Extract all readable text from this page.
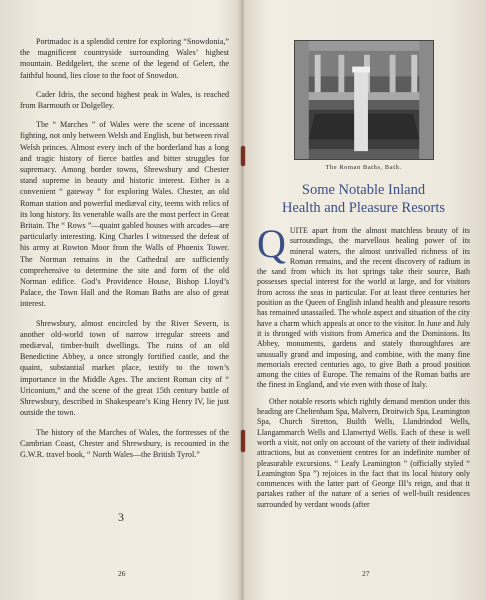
Portmadoc is a splendid centre for exploring “Snowdonia,” the magnificent countryside surrounding Wales’ highest mountain. Beddgelert, the scene of the legend of Gelert, the faithful hound, lies close to the foot of Snowdon.

Cader Idris, the second highest peak in Wales, is reached from Barmouth or Dolgelley.

The “ Marches ” of Wales were the scene of incessant fighting, not only between Welsh and English, but between rival Welsh princes. Almost every inch of the borderland has a long and tragic history of fierce battles and bitter struggles for supremacy. Among border towns, Shrewsbury and Chester stand supreme in beauty and historic interest. Either is a convenient “ gateway ” for exploring Wales. Chester, an old Roman station and powerful mediæval city, teems with relics of its long history. Its venerable walls are the most perfect in Great Britain. The “ Rows ”—quaint gabled houses with arcades—are particularly interesting. King Charles I witnessed the defeat of his army at Rowton Moor from the Walls of Phoenix Tower. The Norman remains in the Cathedral are sufficiently comprehensive to determine the site and form of the old Norman edifice. God’s Providence House, Bishop Lloyd’s Palace, the Town Hall and the Roman Baths are also of great interest.

Shrewsbury, almost encircled by the River Severn, is another old-world town of narrow irregular streets and mediæval, timber-built dwellings. The ruins of an old Benedictine Abbey, a once strongly fortified castle, and the quaint, substantial market place, testify to the town’s importance in the Middle Ages. The ancient Roman city of “ Uriconium,” and the scene of the great 15th century battle of Shrewsbury, described in Shakespeare’s King Henry IV, lie just outside the town.

The history of the Marches of Wales, the fortresses of the Cambrian Coast, Chester and Shrewsbury, is recounted in the G.W.R. travel book, “ North Wales—the British Tyrol.”

3
26
The Roman Baths, Bath.
Some Notable Inland
Health and Pleasure Resorts
Q UITE apart from the almost matchless beauty of its surroundings, the marvellous healing power of its mineral waters, the almost unrivalled richness of its Roman remains, and the recent discovery of radium in the sand from which its hot springs take their source, Bath possesses special interest for the world at large, and for visitors from across the seas in particular. For at least three centuries her position as the Queen of English inland health and pleasure resorts has remained unassailed. The whole aspect and situation of the city have a charm which appeals at once to the visitor. In June and July it is thronged with visitors from America and the Dominions. Its Abbey, monuments, gardens and stately thoroughfares are unusually grand and imposing, and combine, with the many fine memorials erected centuries ago, to give Bath a proud position among the cities of Europe. The remains of the Roman baths are the finest in England, and vie even with those of Italy.

Other notable resorts which rightly demand mention under this heading are Cheltenham Spa, Malvern, Droitwich Spa, Leamington Spa, Church Stretton, Builth Wells, Llandrindod Wells, Llangammarch Wells and Llanwrtyd Wells. Each of these is well worth a visit, not only on account of the variety of their individual attractions, but as convenient centres for an indefinite number of pleasurable excursions. “ Leafy Leamington ” (officially styled “ Leamington Spa ”) rejoices in the fact that its local history only commences with the latter part of George III’s reign, and that it partakes rather of the nature of a series of well-built residences surrounded by verdant woods (after

27
